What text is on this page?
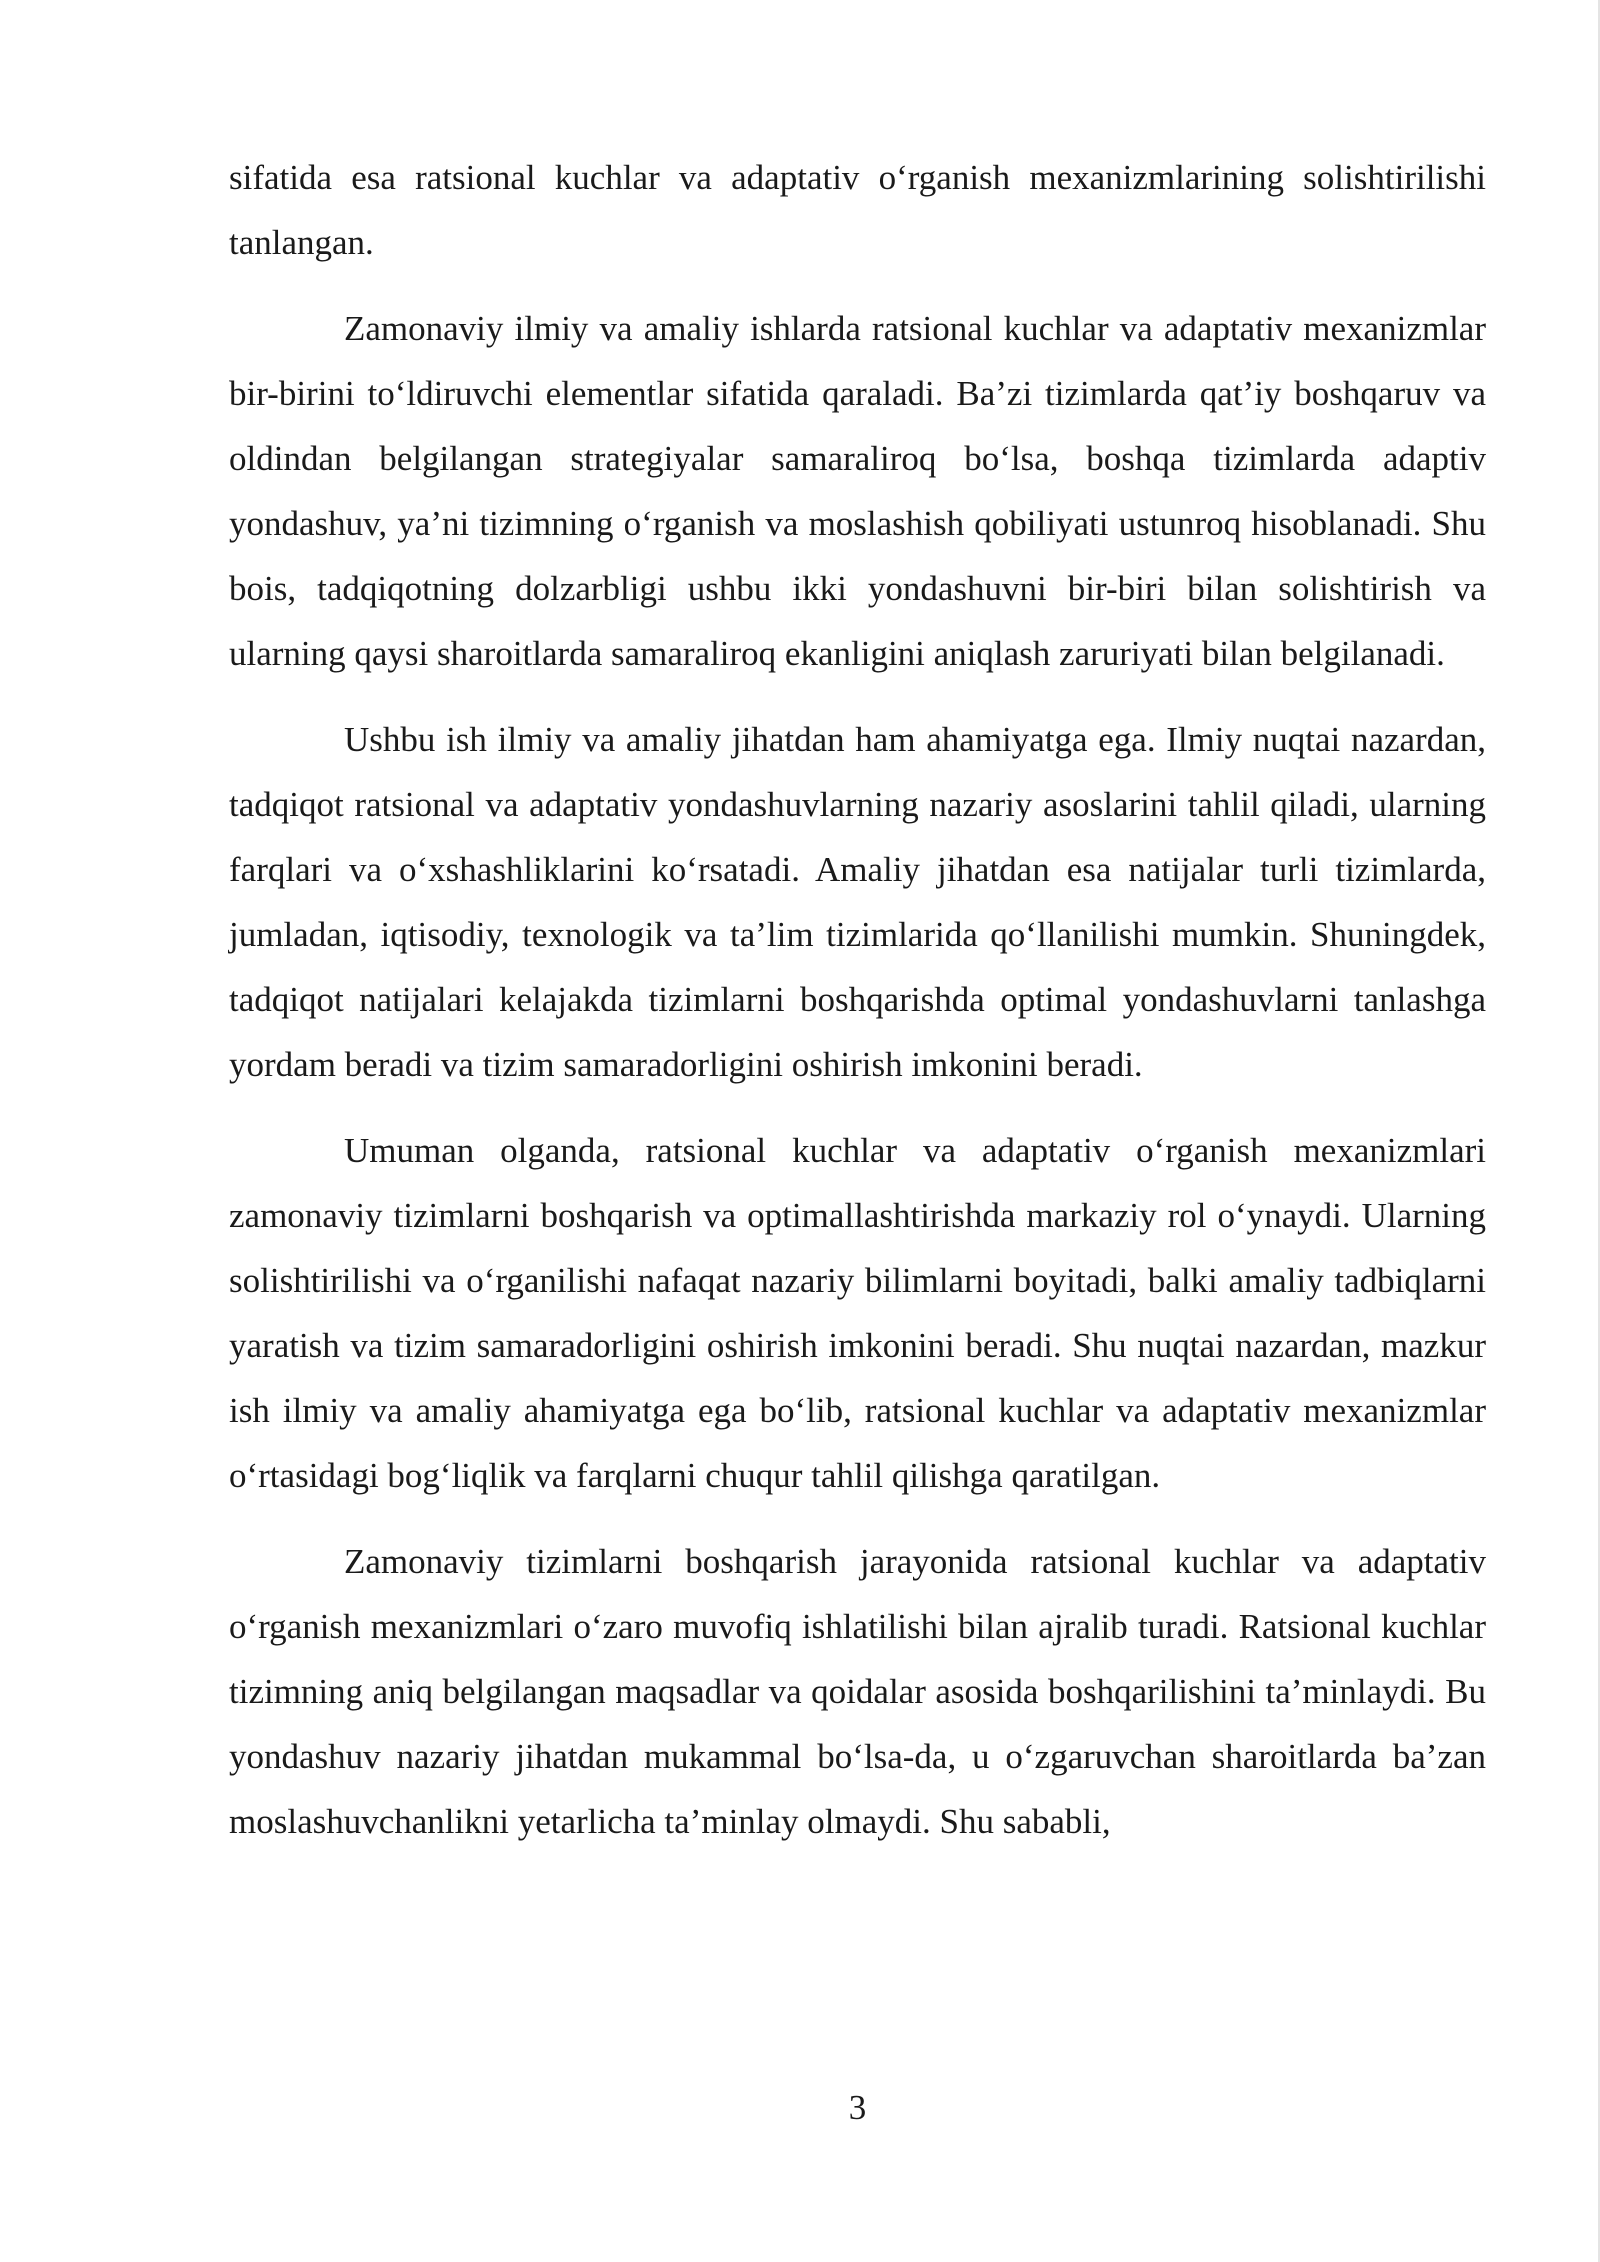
sifatida esa ratsional kuchlar va adaptativ o‘rganish mexanizmlarining solishtirilishi tanlangan.

Zamonaviy ilmiy va amaliy ishlarda ratsional kuchlar va adaptativ mexanizmlar bir-birini to‘ldiruvchi elementlar sifatida qaraladi. Ba’zi tizimlarda qat’iy boshqaruv va oldindan belgilangan strategiyalar samaraliroq bo‘lsa, boshqa tizimlarda adaptiv yondashuv, ya’ni tizimning o‘rganish va moslashish qobiliyati ustunroq hisoblanadi. Shu bois, tadqiqotning dolzarbligi ushbu ikki yondashuvni bir-biri bilan solishtirish va ularning qaysi sharoitlarda samaraliroq ekanligini aniqlash zaruriyati bilan belgilanadi.

Ushbu ish ilmiy va amaliy jihatdan ham ahamiyatga ega. Ilmiy nuqtai nazardan, tadqiqot ratsional va adaptativ yondashuvlarning nazariy asoslarini tahlil qiladi, ularning farqlari va o‘xshashliklarini ko‘rsatadi. Amaliy jihatdan esa natijalar turli tizimlarda, jumladan, iqtisodiy, texnologik va ta’lim tizimlarida qo‘llanilishi mumkin. Shuningdek, tadqiqot natijalari kelajakda tizimlarni boshqarishda optimal yondashuvlarni tanlashga yordam beradi va tizim samaradorligini oshirish imkonini beradi.

Umuman olganda, ratsional kuchlar va adaptativ o‘rganish mexanizmlari zamonaviy tizimlarni boshqarish va optimallashtirishda markaziy rol o‘ynaydi. Ularning solishtirilishi va o‘rganilishi nafaqat nazariy bilimlarni boyitadi, balki amaliy tadbiqlarni yaratish va tizim samaradorligini oshirish imkonini beradi. Shu nuqtai nazardan, mazkur ish ilmiy va amaliy ahamiyatga ega bo‘lib, ratsional kuchlar va adaptativ mexanizmlar o‘rtasidagi bog‘liqlik va farqlarni chuqur tahlil qilishga qaratilgan.

Zamonaviy tizimlarni boshqarish jarayonida ratsional kuchlar va adaptativ o‘rganish mexanizmlari o‘zaro muvofiq ishlatilishi bilan ajralib turadi. Ratsional kuchlar tizimning aniq belgilangan maqsadlar va qoidalar asosida boshqarilishini ta’minlaydi. Bu yondashuv nazariy jihatdan mukammal bo‘lsa-da, u o‘zgaruvchan sharoitlarda ba’zan moslashuvchanlikni yetarlicha ta’minlay olmaydi. Shu sababli,

3
